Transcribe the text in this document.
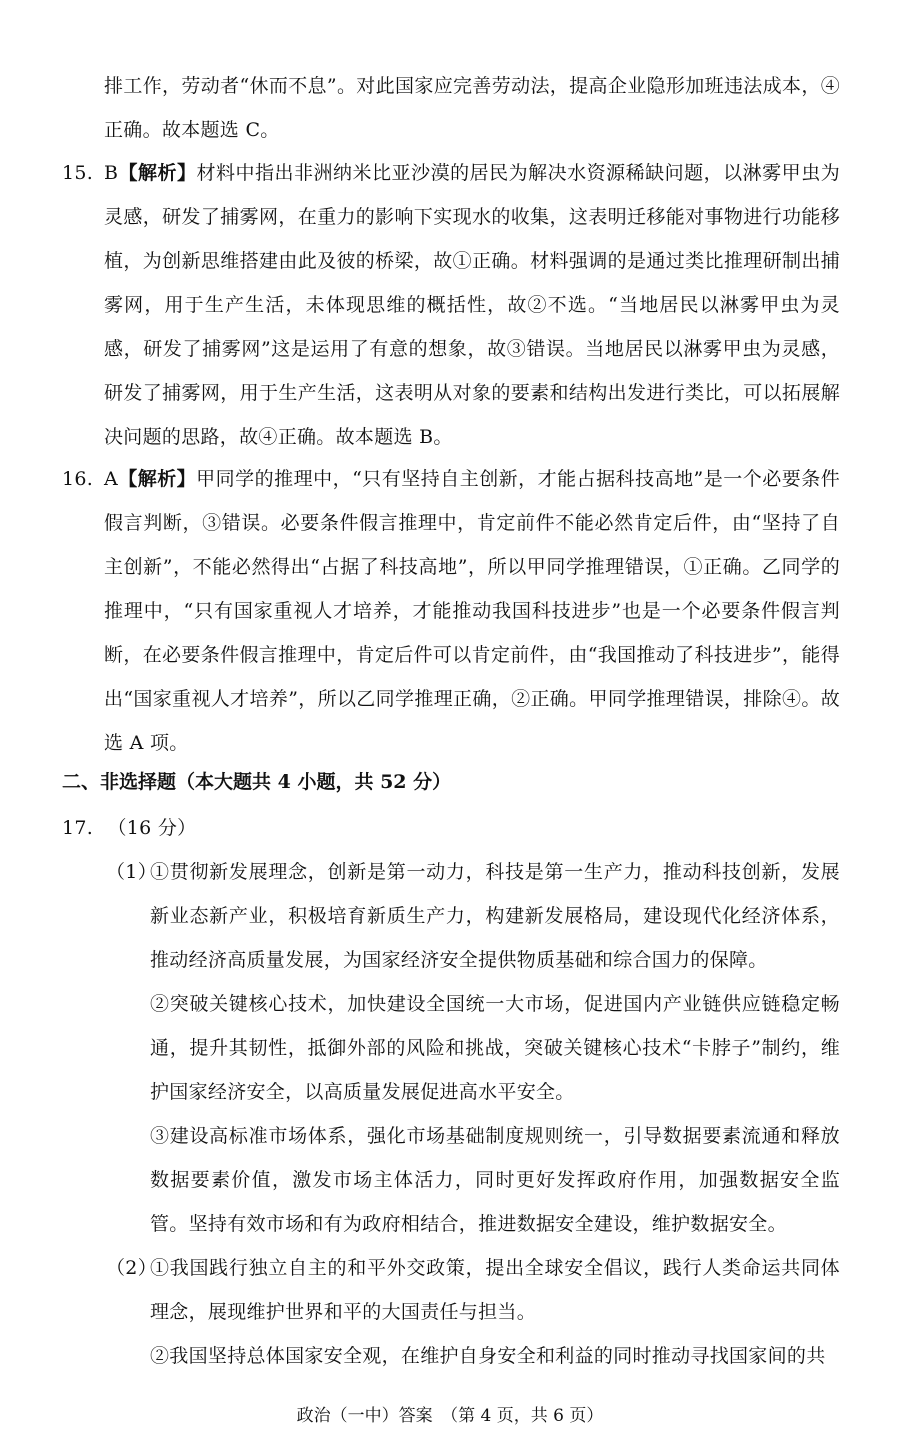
排工作，劳动者“休而不息”。对此国家应完善劳动法，提高企业隐形加班违法成本，④正确。故本题选 C。
15. B【解析】材料中指出非洲纳米比亚沙漠的居民为解决水资源稀缺问题，以淋雾甲虫为灵感，研发了捕雾网，在重力的影响下实现水的收集，这表明迁移能对事物进行功能移植，为创新思维搭建由此及彼的桥梁，故①正确。材料强调的是通过类比推理研制出捕雾网，用于生产生活，未体现思维的概括性，故②不选。“当地居民以淋雾甲虫为灵感，研发了捕雾网”这是运用了有意的想象，故③错误。当地居民以淋雾甲虫为灵感，研发了捕雾网，用于生产生活，这表明从对象的要素和结构出发进行类比，可以拓展解决问题的思路，故④正确。故本题选 B。
16. A【解析】甲同学的推理中，“只有坚持自主创新，才能占据科技高地”是一个必要条件假言判断，③错误。必要条件假言推理中，肯定前件不能必然肯定后件，由“坚持了自主创新”，不能必然得出“占据了科技高地”，所以甲同学推理错误，①正确。乙同学的推理中，“只有国家重视人才培养，才能推动我国科技进步”也是一个必要条件假言判断，在必要条件假言推理中，肯定后件可以肯定前件，由“我国推动了科技进步”，能得出“国家重视人才培养”，所以乙同学推理正确，②正确。甲同学推理错误，排除④。故选 A 项。
二、非选择题（本大题共 4 小题，共 52 分）
17. （16 分）
（1）
①贯彻新发展理念，创新是第一动力，科技是第一生产力，推动科技创新，发展新业态新产业，积极培育新质生产力，构建新发展格局，建设现代化经济体系，推动经济高质量发展，为国家经济安全提供物质基础和综合国力的保障。
②突破关键核心技术，加快建设全国统一大市场，促进国内产业链供应链稳定畅通，提升其韧性，抵御外部的风险和挑战，突破关键核心技术“卡脖子”制约，维护国家经济安全，以高质量发展促进高水平安全。
③建设高标准市场体系，强化市场基础制度规则统一，引导数据要素流通和释放数据要素价值，激发市场主体活力，同时更好发挥政府作用，加强数据安全监管。坚持有效市场和有为政府相结合，推进数据安全建设，维护数据安全。
（2）
①我国践行独立自主的和平外交政策，提出全球安全倡议，践行人类命运共同体理念，展现维护世界和平的大国责任与担当。
②我国坚持总体国家安全观，在维护自身安全和利益的同时推动寻找国家间的共
政治（一中）答案　（第 4 页，共 6 页）
